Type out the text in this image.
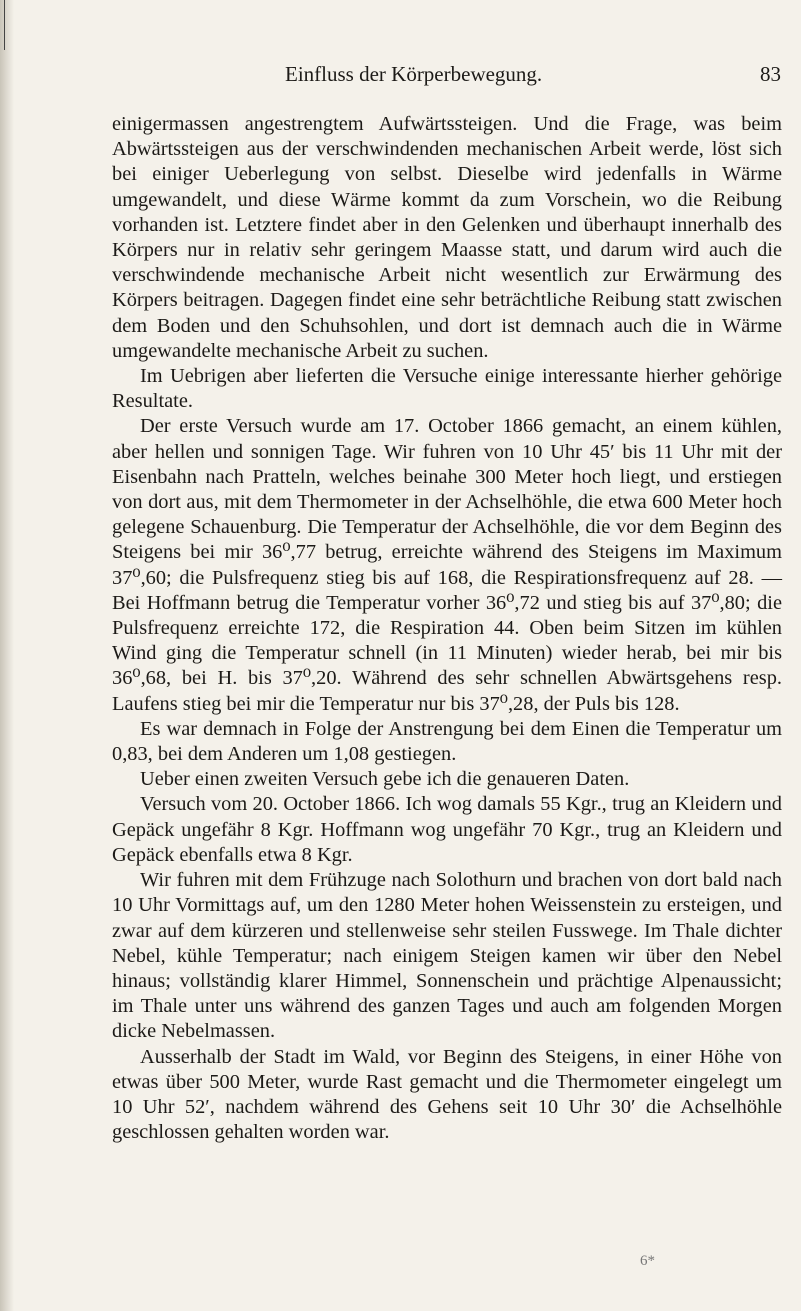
Einfluss der Körperbewegung.	83

einigermassen angestrengtem Aufwärtssteigen. Und die Frage, was beim Abwärtssteigen aus der verschwindenden mechanischen Arbeit werde, löst sich bei einiger Ueberlegung von selbst. Dieselbe wird jedenfalls in Wärme umgewandelt, und diese Wärme kommt da zum Vorschein, wo die Reibung vorhanden ist. Letztere findet aber in den Gelenken und überhaupt innerhalb des Körpers nur in relativ sehr geringem Maasse statt, und darum wird auch die verschwindende mechanische Arbeit nicht wesentlich zur Erwärmung des Körpers beitragen. Dagegen findet eine sehr beträchtliche Reibung statt zwischen dem Boden und den Schuhsohlen, und dort ist demnach auch die in Wärme umgewandelte mechanische Arbeit zu suchen.

Im Uebrigen aber lieferten die Versuche einige interessante hierher gehörige Resultate.

Der erste Versuch wurde am 17. October 1866 gemacht, an einem kühlen, aber hellen und sonnigen Tage. Wir fuhren von 10 Uhr 45′ bis 11 Uhr mit der Eisenbahn nach Pratteln, welches beinahe 300 Meter hoch liegt, und erstiegen von dort aus, mit dem Thermometer in der Achselhöhle, die etwa 600 Meter hoch gelegene Schauenburg. Die Temperatur der Achselhöhle, die vor dem Beginn des Steigens bei mir 36⁰,77 betrug, erreichte während des Steigens im Maximum 37⁰,60; die Pulsfrequenz stieg bis auf 168, die Respirationsfrequenz auf 28. — Bei Hoffmann betrug die Temperatur vorher 36⁰,72 und stieg bis auf 37⁰,80; die Pulsfrequenz erreichte 172, die Respiration 44. Oben beim Sitzen im kühlen Wind ging die Temperatur schnell (in 11 Minuten) wieder herab, bei mir bis 36⁰,68, bei H. bis 37⁰,20. Während des sehr schnellen Abwärtsgehens resp. Laufens stieg bei mir die Temperatur nur bis 37⁰,28, der Puls bis 128.

Es war demnach in Folge der Anstrengung bei dem Einen die Temperatur um 0,83, bei dem Anderen um 1,08 gestiegen.

Ueber einen zweiten Versuch gebe ich die genaueren Daten.

Versuch vom 20. October 1866. Ich wog damals 55 Kgr., trug an Kleidern und Gepäck ungefähr 8 Kgr. Hoffmann wog ungefähr 70 Kgr., trug an Kleidern und Gepäck ebenfalls etwa 8 Kgr.

Wir fuhren mit dem Frühzuge nach Solothurn und brachen von dort bald nach 10 Uhr Vormittags auf, um den 1280 Meter hohen Weissenstein zu ersteigen, und zwar auf dem kürzeren und stellenweise sehr steilen Fusswege. Im Thale dichter Nebel, kühle Temperatur; nach einigem Steigen kamen wir über den Nebel hinaus; vollständig klarer Himmel, Sonnenschein und prächtige Alpenaussicht; im Thale unter uns während des ganzen Tages und auch am folgenden Morgen dicke Nebelmassen.

Ausserhalb der Stadt im Wald, vor Beginn des Steigens, in einer Höhe von etwas über 500 Meter, wurde Rast gemacht und die Thermometer eingelegt um 10 Uhr 52′, nachdem während des Gehens seit 10 Uhr 30′ die Achselhöhle geschlossen gehalten worden war.

6*
